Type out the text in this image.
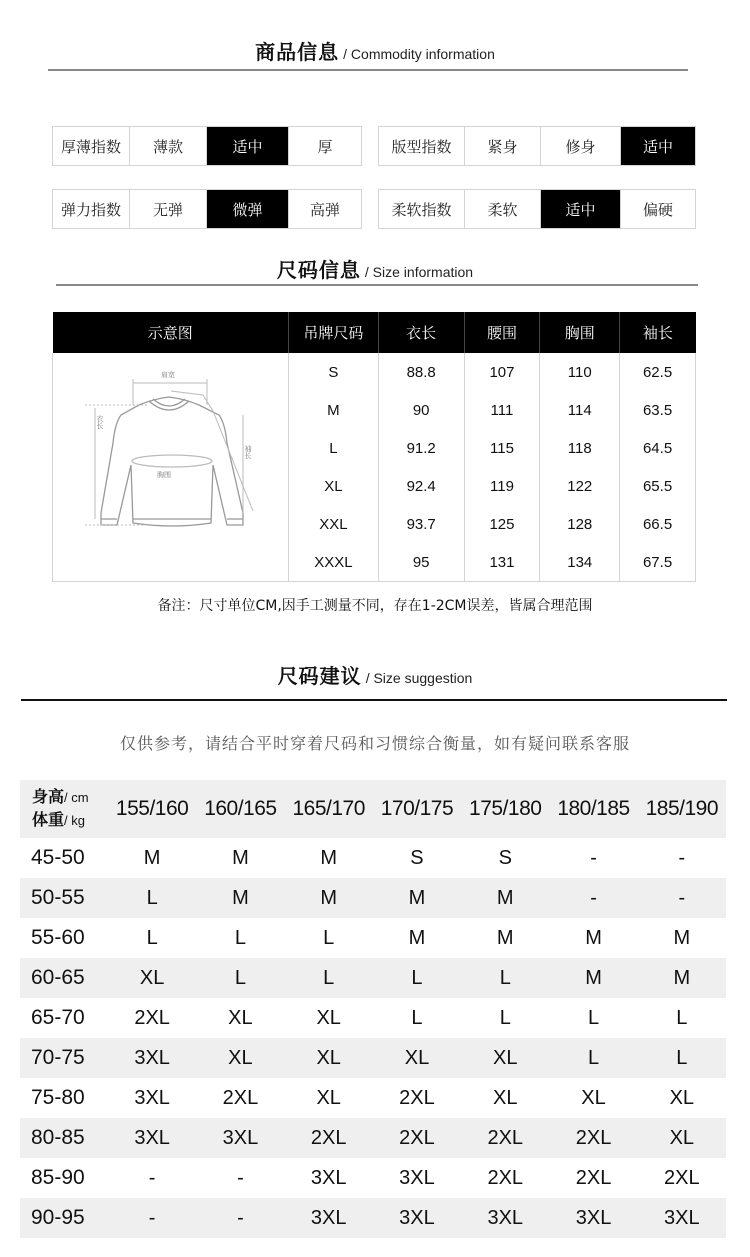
商品信息 / Commodity information
厚薄指数	薄款	适中	厚	版型指数	紧身	修身	适中
弹力指数	无弹	微弹	高弹	柔软指数	柔软	适中	偏硬
尺码信息 / Size information
示意图	吊牌尺码	衣长	腰围	胸围	袖长

肩宽
胸围
衣长
袖长	S	88.8	107	110	62.5
	M	90	111	114	63.5
	L	91.2	115	118	64.5
	XL	92.4	119	122	65.5
	XXL	93.7	125	128	66.5
	XXXL	95	131	134	67.5
备注：尺寸单位CM,因手工测量不同，存在1-2CM误差，皆属合理范围
尺码建议 / Size suggestion
仅供参考，请结合平时穿着尺码和习惯综合衡量，如有疑问联系客服
身高/ cm
体重/ kg
155/160 160/165 165/170 170/175 175/180 180/185 185/190
45-50	M	M	M	S	S	-	-
50-55	L	M	M	M	M	-	-
55-60	L	L	L	M	M	M	M
60-65	XL	L	L	L	L	M	M
65-70	2XL	XL	XL	L	L	L	L
70-75	3XL	XL	XL	XL	XL	L	L
75-80	3XL	2XL	XL	2XL	XL	XL	XL
80-85	3XL	3XL	2XL	2XL	2XL	2XL	XL
85-90	-	-	3XL	3XL	2XL	2XL	2XL
90-95	-	-	3XL	3XL	3XL	3XL	3XL
